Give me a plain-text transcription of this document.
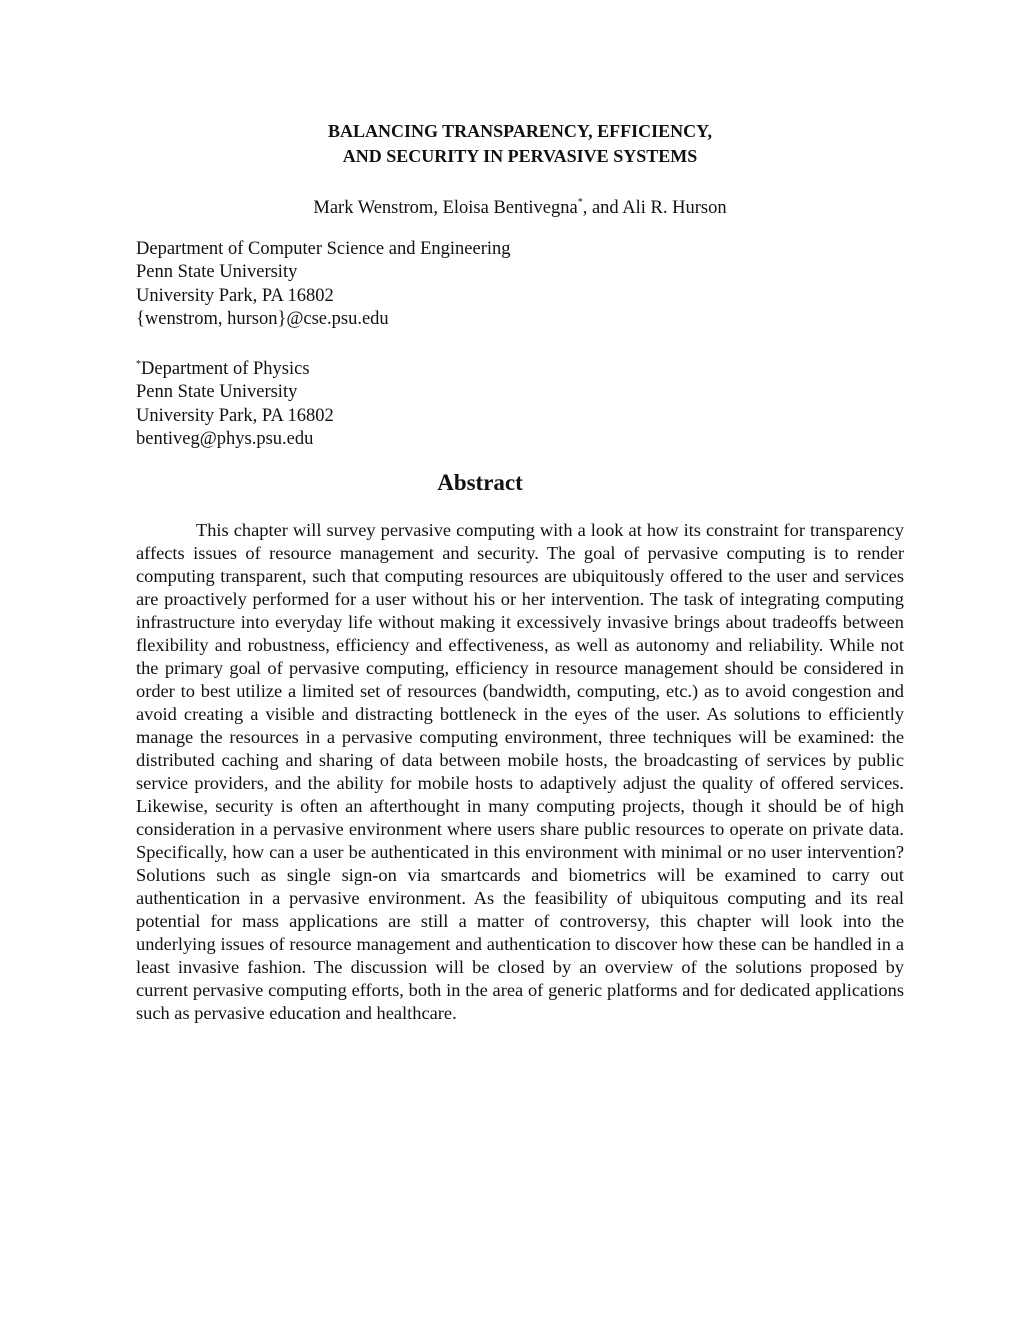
BALANCING TRANSPARENCY, EFFICIENCY,
AND SECURITY IN PERVASIVE SYSTEMS
Mark Wenstrom, Eloisa Bentivegna*, and Ali R. Hurson
Department of Computer Science and Engineering
Penn State University
University Park, PA 16802
{wenstrom, hurson}@cse.psu.edu
*Department of Physics
Penn State University
University Park, PA 16802
bentiveg@phys.psu.edu
Abstract

This chapter will survey pervasive computing with a look at how its constraint for transparency affects issues of resource management and security. The goal of pervasive computing is to render computing transparent, such that computing resources are ubiquitously offered to the user and services are proactively performed for a user without his or her intervention. The task of integrating computing infrastructure into everyday life without making it excessively invasive brings about tradeoffs between flexibility and robustness, efficiency and effectiveness, as well as autonomy and reliability. While not the primary goal of pervasive computing, efficiency in resource management should be considered in order to best utilize a limited set of resources (bandwidth, computing, etc.) as to avoid congestion and avoid creating a visible and distracting bottleneck in the eyes of the user. As solutions to efficiently manage the resources in a pervasive computing environment, three techniques will be examined: the distributed caching and sharing of data between mobile hosts, the broadcasting of services by public service providers, and the ability for mobile hosts to adaptively adjust the quality of offered services. Likewise, security is often an afterthought in many computing projects, though it should be of high consideration in a pervasive environment where users share public resources to operate on private data. Specifically, how can a user be authenticated in this environment with minimal or no user intervention? Solutions such as single sign-on via smartcards and biometrics will be examined to carry out authentication in a pervasive environment. As the feasibility of ubiquitous computing and its real potential for mass applications are still a matter of controversy, this chapter will look into the underlying issues of resource management and authentication to discover how these can be handled in a least invasive fashion. The discussion will be closed by an overview of the solutions proposed by current pervasive computing efforts, both in the area of generic platforms and for dedicated applications such as pervasive education and healthcare.
